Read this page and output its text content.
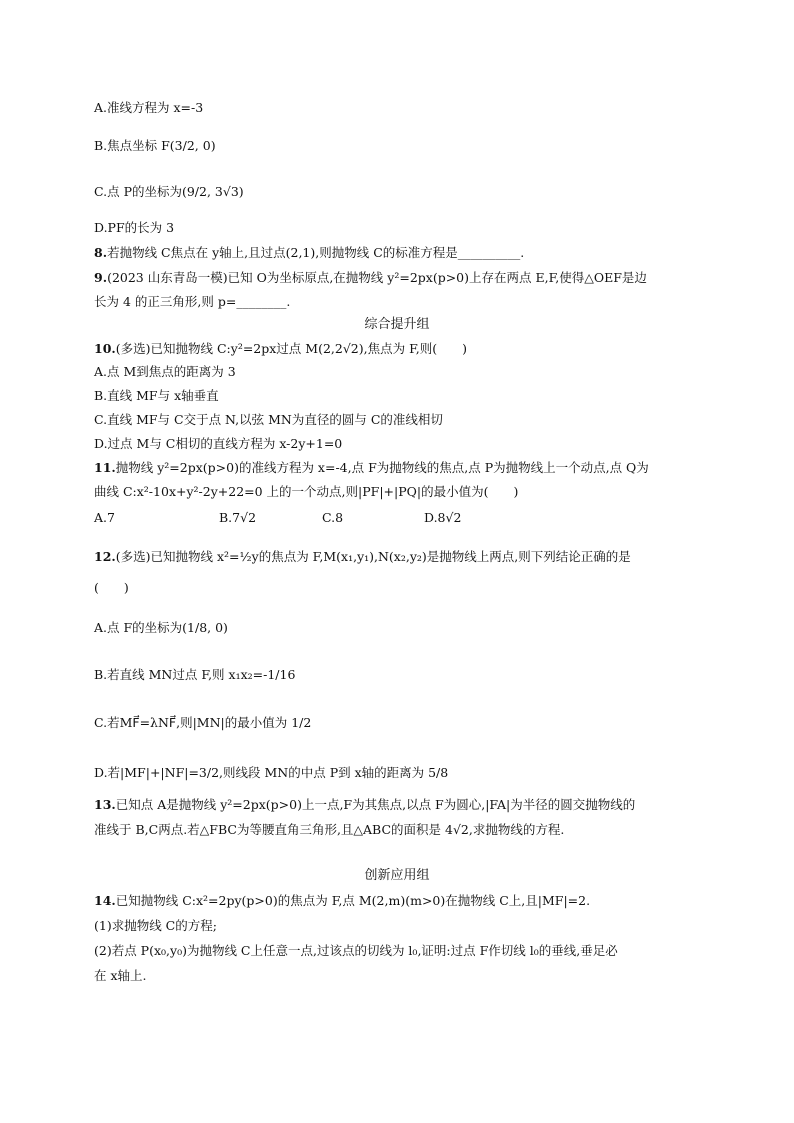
A.准线方程为 x=-3
B.焦点坐标 F(3/2, 0)
C.点 P的坐标为(9/2, 3√3)
D.PF的长为 3
8.若抛物线 C焦点在 y轴上,且过点(2,1),则抛物线 C的标准方程是__________.
9.(2023 山东青岛一模)已知 O为坐标原点,在抛物线 y²=2px(p>0)上存在两点 E,F,使得△OEF是边
长为 4 的正三角形,则 p=________.
综合提升组
10.(多选)已知抛物线 C:y²=2px过点 M(2,2√2),焦点为 F,则(　　)
A.点 M到焦点的距离为 3
B.直线 MF与 x轴垂直
C.直线 MF与 C交于点 N,以弦 MN为直径的圆与 C的准线相切
D.过点 M与 C相切的直线方程为 x-2y+1=0
11.抛物线 y²=2px(p>0)的准线方程为 x=-4,点 F为抛物线的焦点,点 P为抛物线上一个动点,点 Q为
曲线 C:x²-10x+y²-2y+22=0 上的一个动点,则|PF|+|PQ|的最小值为(　　)
A.7	B.7√2	C.8	D.8√2
12.(多选)已知抛物线 x²=½y的焦点为 F,M(x₁,y₁),N(x₂,y₂)是抛物线上两点,则下列结论正确的是
(　　)
A.点 F的坐标为(1/8, 0)
B.若直线 MN过点 F,则 x₁x₂=-1/16
C.若MF⃗=λNF⃗,则|MN|的最小值为 1/2
D.若|MF|+|NF|=3/2,则线段 MN的中点 P到 x轴的距离为 5/8
13.已知点 A是抛物线 y²=2px(p>0)上一点,F为其焦点,以点 F为圆心,|FA|为半径的圆交抛物线的
准线于 B,C两点.若△FBC为等腰直角三角形,且△ABC的面积是 4√2,求抛物线的方程.
创新应用组
14.已知抛物线 C:x²=2py(p>0)的焦点为 F,点 M(2,m)(m>0)在抛物线 C上,且|MF|=2.
(1)求抛物线 C的方程;
(2)若点 P(x₀,y₀)为抛物线 C上任意一点,过该点的切线为 l₀,证明:过点 F作切线 l₀的垂线,垂足必
在 x轴上.
